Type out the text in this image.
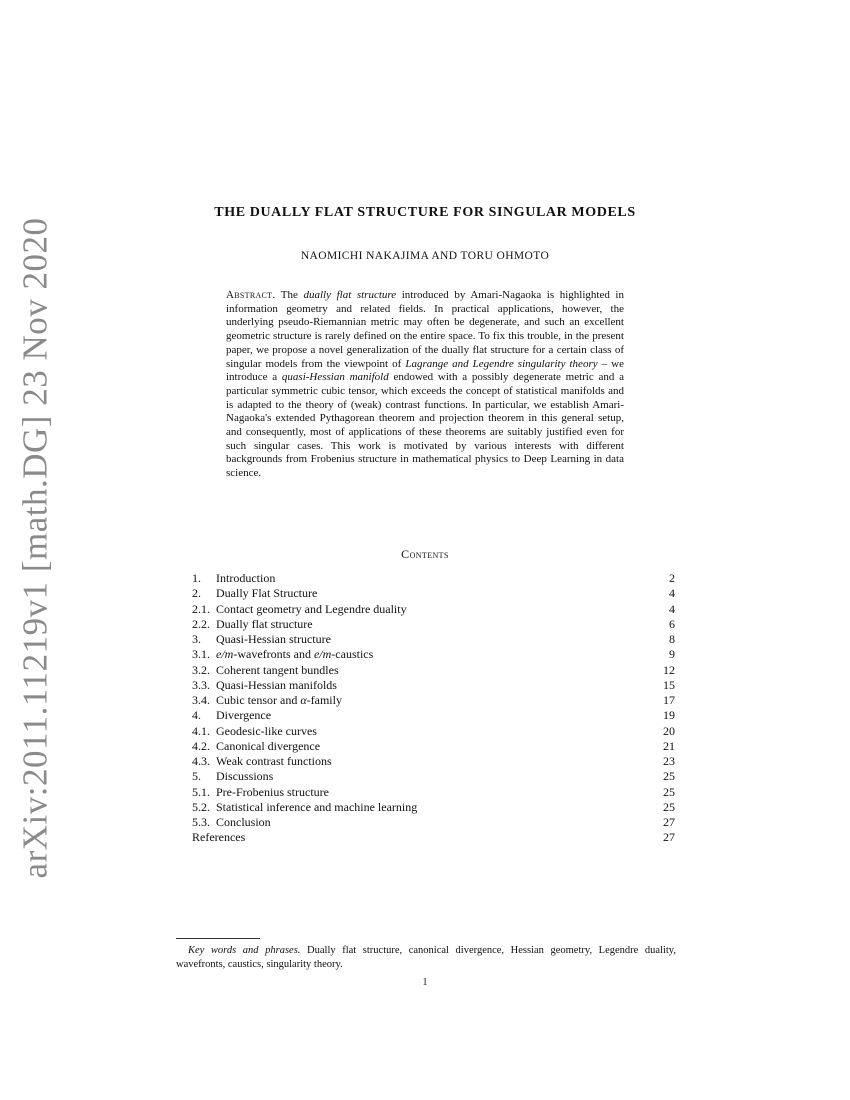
arXiv:2011.11219v1 [math.DG] 23 Nov 2020
THE DUALLY FLAT STRUCTURE FOR SINGULAR MODELS
NAOMICHI NAKAJIMA AND TORU OHMOTO
Abstract. The dually flat structure introduced by Amari-Nagaoka is highlighted in information geometry and related fields. In practical applications, however, the underlying pseudo-Riemannian metric may often be degenerate, and such an excellent geometric structure is rarely defined on the entire space. To fix this trouble, in the present paper, we propose a novel generalization of the dually flat structure for a certain class of singular models from the viewpoint of Lagrange and Legendre singularity theory – we introduce a quasi-Hessian manifold endowed with a possibly degenerate metric and a particular symmetric cubic tensor, which exceeds the concept of statistical manifolds and is adapted to the theory of (weak) contrast functions. In particular, we establish Amari-Nagaoka's extended Pythagorean theorem and projection theorem in this general setup, and consequently, most of applications of these theorems are suitably justified even for such singular cases. This work is motivated by various interests with different backgrounds from Frobenius structure in mathematical physics to Deep Learning in data science.
Contents
1. Introduction	2
2. Dually Flat Structure	4
2.1. Contact geometry and Legendre duality	4
2.2. Dually flat structure	6
3. Quasi-Hessian structure	8
3.1. e/m-wavefronts and e/m-caustics	9
3.2. Coherent tangent bundles	12
3.3. Quasi-Hessian manifolds	15
3.4. Cubic tensor and α-family	17
4. Divergence	19
4.1. Geodesic-like curves	20
4.2. Canonical divergence	21
4.3. Weak contrast functions	23
5. Discussions	25
5.1. Pre-Frobenius structure	25
5.2. Statistical inference and machine learning	25
5.3. Conclusion	27
References	27
Key words and phrases. Dually flat structure, canonical divergence, Hessian geometry, Legendre duality, wavefronts, caustics, singularity theory.
1
